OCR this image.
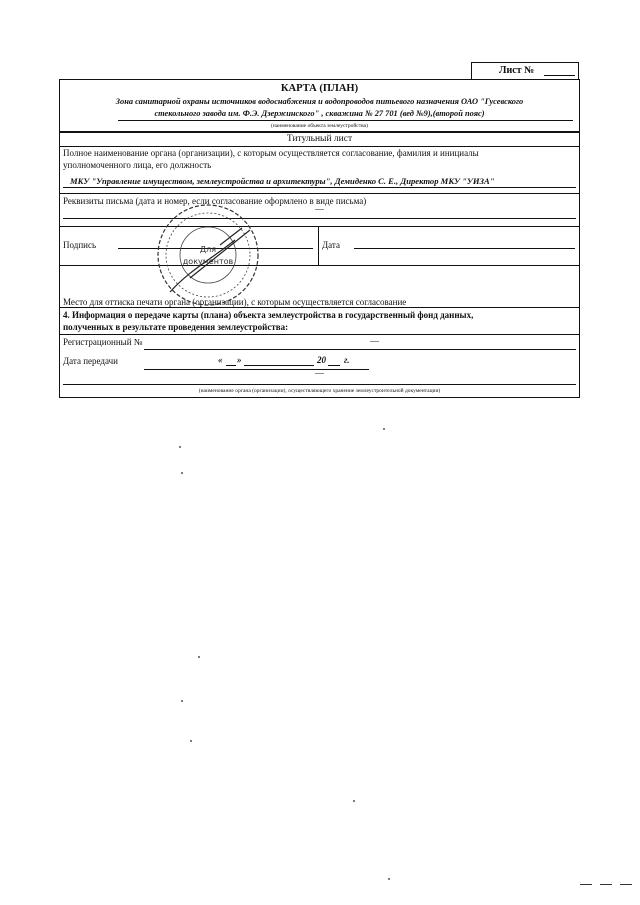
Лист №
КАРТА (ПЛАН)
Зона санитарной охраны источников водоснабжения и водопроводов питьевого назначения ОАО "Гусевского
стекольного завода им. Ф.Э. Дзержинского" , скважина № 27 701 (вед №9),(второй пояс)
(наименование объекта землеустройства)
Титульный лист
Полное наименование органа (организации), с которым осуществляется согласование, фамилия и инициалы
уполномоченного лица, его должность
МКУ "Управление имуществом, землеустройства и архитектуры", Демиденко С. Е., Директор МКУ "УИЗА"
Реквизиты письма (дата и номер, если согласование оформлено в виде письма)
—
Подпись	Дата
Место для оттиска печати органа (организации), с которым осуществляется согласование
4. Информация о передаче карты (плана) объекта землеустройства в государственный фонд данных,
полученных в результате проведения землеустройства:
Регистрационный №	—
Дата передачи	« »	20 г.
—
(наименование органа (организации), осуществляющего хранение землеустроительной документации)
Для
документов
